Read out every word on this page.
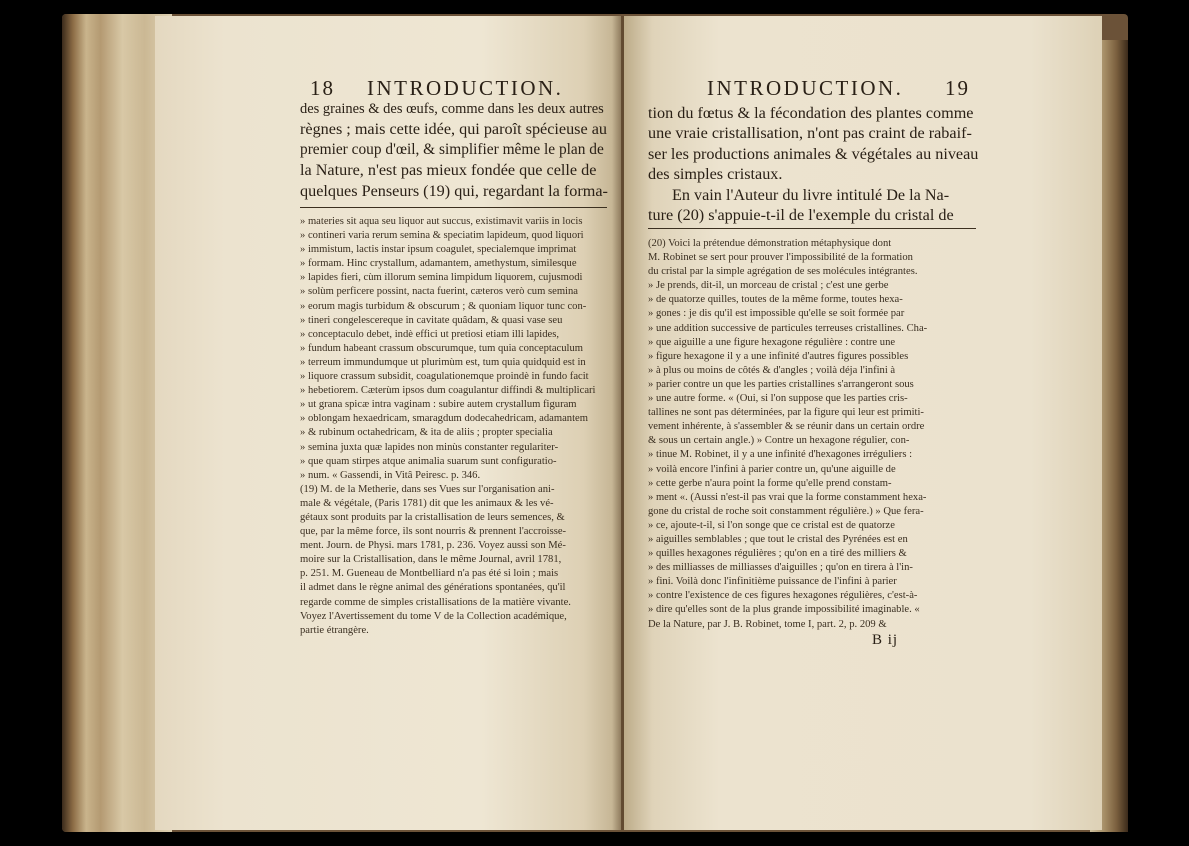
18 INTRODUCTION.
des graines & des œufs, comme dans les deux autres
règnes ; mais cette idée, qui paroît spécieuse au
premier coup d'œil, & simplifier même le plan de
la Nature, n'est pas mieux fondée que celle de
quelques Penseurs (19) qui, regardant la forma-
» materies sit aqua seu liquor aut succus, existimavit variis in locis
» contineri varia rerum semina & speciatim lapideum, quod liquori
» immistum, lactis instar ipsum coagulet, specialemque imprimat
» formam. Hinc crystallum, adamantem, amethystum, similesque
» lapides fieri, cùm illorum semina limpidum liquorem, cujusmodi
» solùm perficere possint, nacta fuerint, cæteros verò cum semina
» eorum magis turbidum & obscurum ; & quoniam liquor tunc con-
» tineri congelescereque in cavitate quâdam, & quasi vase seu
» conceptaculo debet, indè effici ut pretiosi etiam illi lapides,
» fundum habeant crassum obscurumque, tum quia conceptaculum
» terreum immundumque ut plurimùm est, tum quia quidquid est in
» liquore crassum subsidit, coagulationemque proindè in fundo facit
» hebetiorem. Cæterùm ipsos dum coagulantur diffindi & multiplicari
» ut grana spicæ intra vaginam : subire autem crystallum figuram
» oblongam hexaedricam, smaragdum dodecahedricam, adamantem
» & rubinum octahedricam, & ita de aliis ; propter specialia
» semina juxta quæ lapides non minùs constanter regulariter-
» que quam stirpes atque animalia suarum sunt configuratio-
» num. « Gassendi, in Vitâ Peiresc. p. 346.
(19) M. de la Metherie, dans ses Vues sur l'organisation ani-
male & végétale, (Paris 1781) dit que les animaux & les vé-
gétaux sont produits par la cristallisation de leurs semences, &
que, par la même force, ils sont nourris & prennent l'accroisse-
ment. Journ. de Physi. mars 1781, p. 236. Voyez aussi son Mé-
moire sur la Cristallisation, dans le même Journal, avril 1781,
p. 251. M. Gueneau de Montbelliard n'a pas été si loin ; mais
il admet dans le règne animal des générations spontanées, qu'il
regarde comme de simples cristallisations de la matière vivante.
Voyez l'Avertissement du tome V de la Collection académique,
partie étrangère.
INTRODUCTION. 19
tion du fœtus & la fécondation des plantes comme
une vraie cristallisation, n'ont pas craint de rabaif-
ser les productions animales & végétales au niveau
des simples cristaux.
En vain l'Auteur du livre intitulé De la Na-
ture (20) s'appuie-t-il de l'exemple du cristal de
(20) Voici la prétendue démonstration métaphysique dont
M. Robinet se sert pour prouver l'impossibilité de la formation
du cristal par la simple agrégation de ses molécules intégrantes.
» Je prends, dit-il, un morceau de cristal ; c'est une gerbe
» de quatorze quilles, toutes de la même forme, toutes hexa-
» gones : je dis qu'il est impossible qu'elle se soit formée par
» une addition successive de particules terreuses cristallines. Cha-
» que aiguille a une figure hexagone régulière : contre une
» figure hexagone il y a une infinité d'autres figures possibles
» à plus ou moins de côtés & d'angles ; voilà déja l'infini à
» parier contre un que les parties cristallines s'arrangeront sous
» une autre forme. « (Oui, si l'on suppose que les parties cris-
tallines ne sont pas déterminées, par la figure qui leur est primiti-
vement inhérente, à s'assembler & se réunir dans un certain ordre
& sous un certain angle.) » Contre un hexagone régulier, con-
» tinue M. Robinet, il y a une infinité d'hexagones irréguliers :
» voilà encore l'infini à parier contre un, qu'une aiguille de
» cette gerbe n'aura point la forme qu'elle prend constam-
» ment «. (Aussi n'est-il pas vrai que la forme constamment hexa-
gone du cristal de roche soit constamment régulière.) » Que fera-
» ce, ajoute-t-il, si l'on songe que ce cristal est de quatorze
» aiguilles semblables ; que tout le cristal des Pyrénées est en
» quilles hexagones régulières ; qu'on en a tiré des milliers &
» des milliasses de milliasses d'aiguilles ; qu'on en tirera à l'in-
» fini. Voilà donc l'infinitième puissance de l'infini à parier
» contre l'existence de ces figures hexagones régulières, c'est-à-
» dire qu'elles sont de la plus grande impossibilité imaginable. «
De la Nature, par J. B. Robinet, tome I, part. 2, p. 209 &
B ij
